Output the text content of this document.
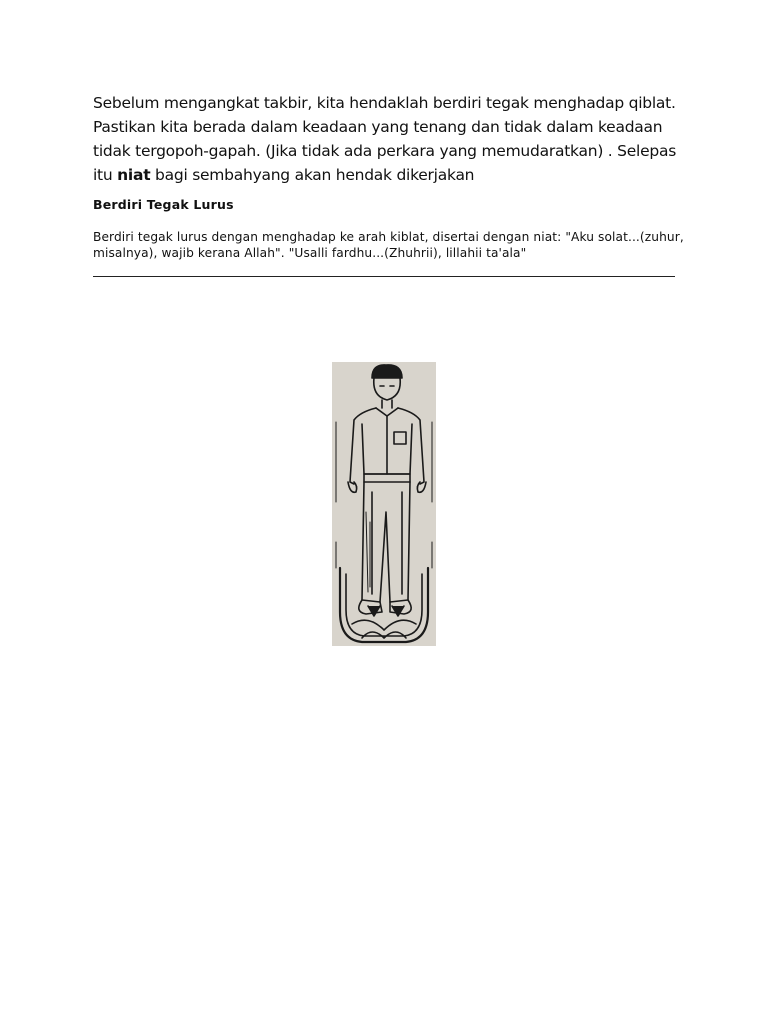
Sebelum mengangkat takbir, kita hendaklah berdiri tegak menghadap qiblat. Pastikan kita berada dalam keadaan yang tenang dan tidak dalam keadaan tidak tergopoh-gapah. (Jika tidak ada perkara yang memudaratkan) . Selepas itu niat bagi sembahyang akan hendak dikerjakan

Berdiri Tegak Lurus
Berdiri tegak lurus dengan menghadap ke arah kiblat, disertai dengan niat: "Aku solat...(zuhur, misalnya), wajib kerana Allah". "Usalli fardhu...(Zhuhrii), lillahii ta'ala"
